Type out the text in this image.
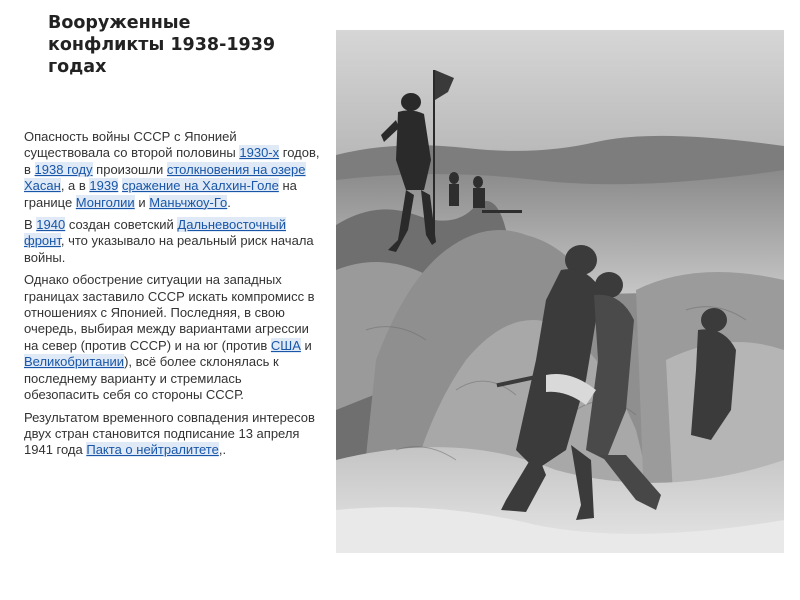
Вооруженные конфликты 1938-1939 годах

Опасность войны СССР с Японией существовала со второй половины 1930-х годов, в 1938 году произошли столкновения на озере Хасан, а в 1939 сражение на Халхин-Голе на границе Монголии и Маньчжоу-Го.

В 1940 создан советский Дальневосточный фронт, что указывало на реальный риск начала войны.

Однако обострение ситуации на западных границах заставило СССР искать компромисс в отношениях с Японией. Последняя, в свою очередь, выбирая между вариантами агрессии на север (против СССР) и на юг (против США и Великобритании), всё более склонялась к последнему варианту и стремилась обезопасить себя со стороны СССР.

Результатом временного совпадения интересов двух стран становится подписание 13 апреля 1941 года Пакта о нейтралитете,.
